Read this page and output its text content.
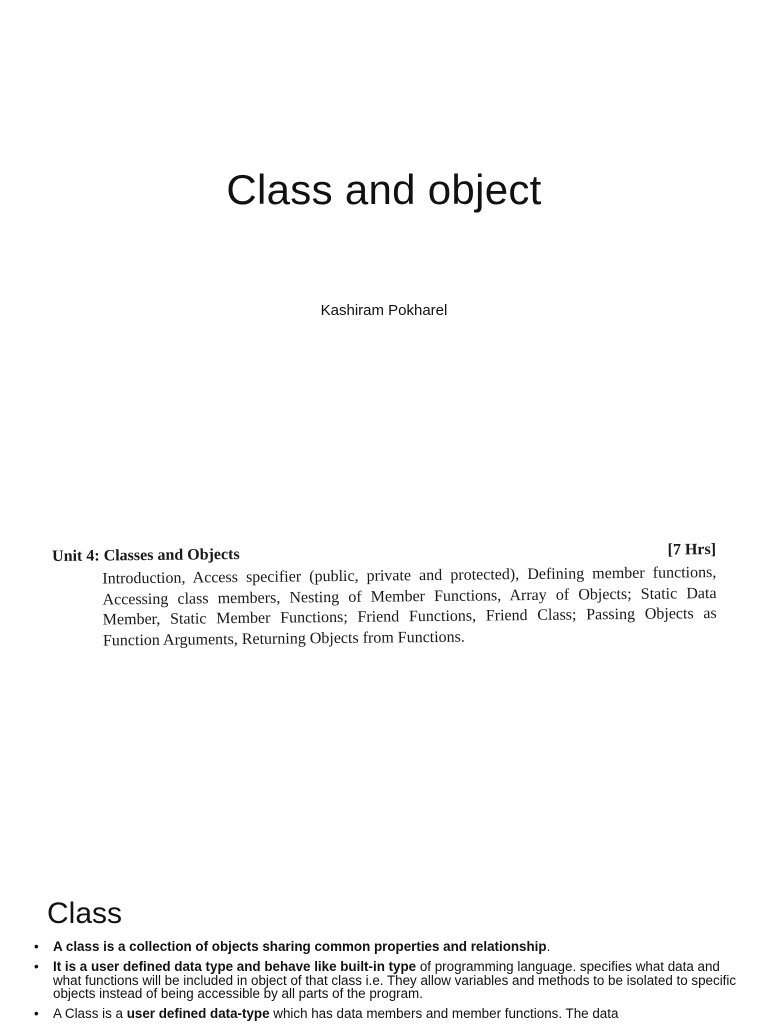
Class and object
Kashiram Pokharel
Unit 4: Classes and Objects	[7 Hrs]
Introduction, Access specifier (public, private and protected), Defining member functions, Accessing class members, Nesting of Member Functions, Array of Objects; Static Data Member, Static Member Functions; Friend Functions, Friend Class; Passing Objects as Function Arguments, Returning Objects from Functions.
Class
• A class is a collection of objects sharing common properties and relationship.
• It is a user defined data type and behave like built-in type of programming language. specifies what data and what functions will be included in object of that class i.e. They allow variables and methods to be isolated to specific objects instead of being accessible by all parts of the program.
• A Class is a user defined data-type which has data members and member functions. The data
